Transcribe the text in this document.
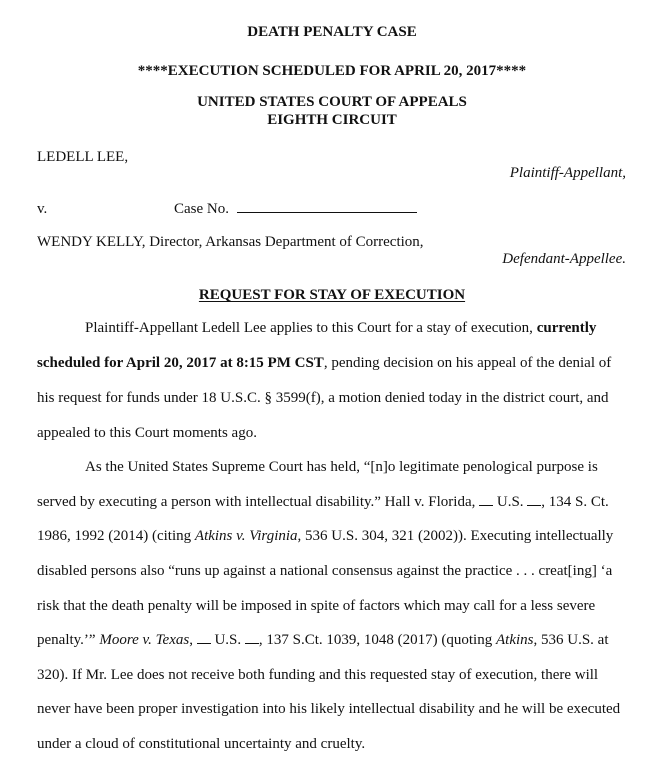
DEATH PENALTY CASE
****EXECUTION SCHEDULED FOR APRIL 20, 2017****
UNITED STATES COURT OF APPEALS
EIGHTH CIRCUIT
LEDELL LEE,
Plaintiff-Appellant,
v.	Case No.
WENDY KELLY, Director, Arkansas Department of Correction,
Defendant-Appellee.
REQUEST FOR STAY OF EXECUTION
Plaintiff-Appellant Ledell Lee applies to this Court for a stay of execution, currently
scheduled for April 20, 2017 at 8:15 PM CST, pending decision on his appeal of the denial of
his request for funds under 18 U.S.C. § 3599(f), a motion denied today in the district court, and
appealed to this Court moments ago.
As the United States Supreme Court has held, “[n]o legitimate penological purpose is
served by executing a person with intellectual disability.” Hall v. Florida,  U.S. , 134 S. Ct.
1986, 1992 (2014) (citing Atkins v. Virginia, 536 U.S. 304, 321 (2002)). Executing intellectually
disabled persons also “runs up against a national consensus against the practice . . . creat[ing] ‘a
risk that the death penalty will be imposed in spite of factors which may call for a less severe
penalty.’” Moore v. Texas,  U.S. , 137 S.Ct. 1039, 1048 (2017) (quoting Atkins, 536 U.S. at
320). If Mr. Lee does not receive both funding and this requested stay of execution, there will
never have been proper investigation into his likely intellectual disability and he will be executed
under a cloud of constitutional uncertainty and cruelty.
